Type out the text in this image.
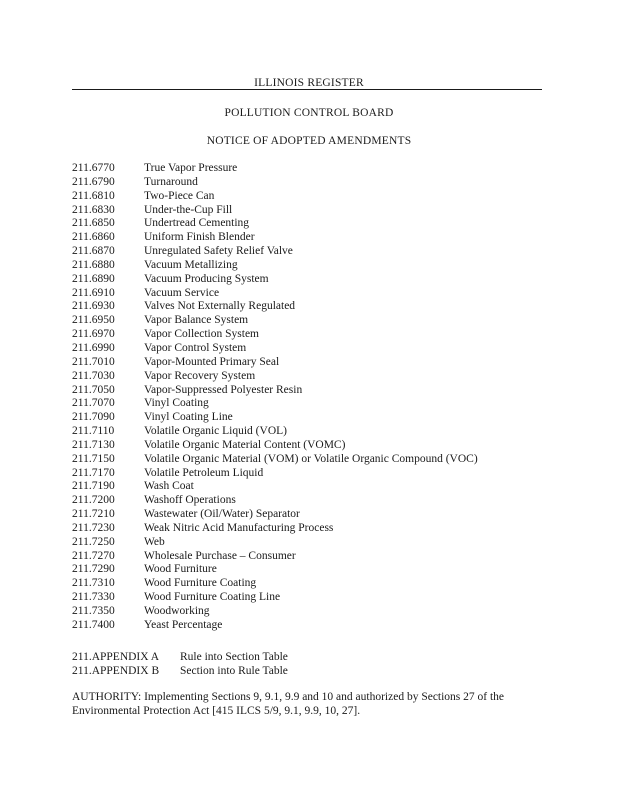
ILLINOIS REGISTER
POLLUTION CONTROL BOARD
NOTICE OF ADOPTED AMENDMENTS
211.6770	True Vapor Pressure
211.6790	Turnaround
211.6810	Two-Piece Can
211.6830	Under-the-Cup Fill
211.6850	Undertread Cementing
211.6860	Uniform Finish Blender
211.6870	Unregulated Safety Relief Valve
211.6880	Vacuum Metallizing
211.6890	Vacuum Producing System
211.6910	Vacuum Service
211.6930	Valves Not Externally Regulated
211.6950	Vapor Balance System
211.6970	Vapor Collection System
211.6990	Vapor Control System
211.7010	Vapor-Mounted Primary Seal
211.7030	Vapor Recovery System
211.7050	Vapor-Suppressed Polyester Resin
211.7070	Vinyl Coating
211.7090	Vinyl Coating Line
211.7110	Volatile Organic Liquid (VOL)
211.7130	Volatile Organic Material Content (VOMC)
211.7150	Volatile Organic Material (VOM) or Volatile Organic Compound (VOC)
211.7170	Volatile Petroleum Liquid
211.7190	Wash Coat
211.7200	Washoff Operations
211.7210	Wastewater (Oil/Water) Separator
211.7230	Weak Nitric Acid Manufacturing Process
211.7250	Web
211.7270	Wholesale Purchase – Consumer
211.7290	Wood Furniture
211.7310	Wood Furniture Coating
211.7330	Wood Furniture Coating Line
211.7350	Woodworking
211.7400	Yeast Percentage
211.APPENDIX A	Rule into Section Table
211.APPENDIX B	Section into Rule Table
AUTHORITY: Implementing Sections 9, 9.1, 9.9 and 10 and authorized by Sections 27 of the Environmental Protection Act [415 ILCS 5/9, 9.1, 9.9, 10, 27].
